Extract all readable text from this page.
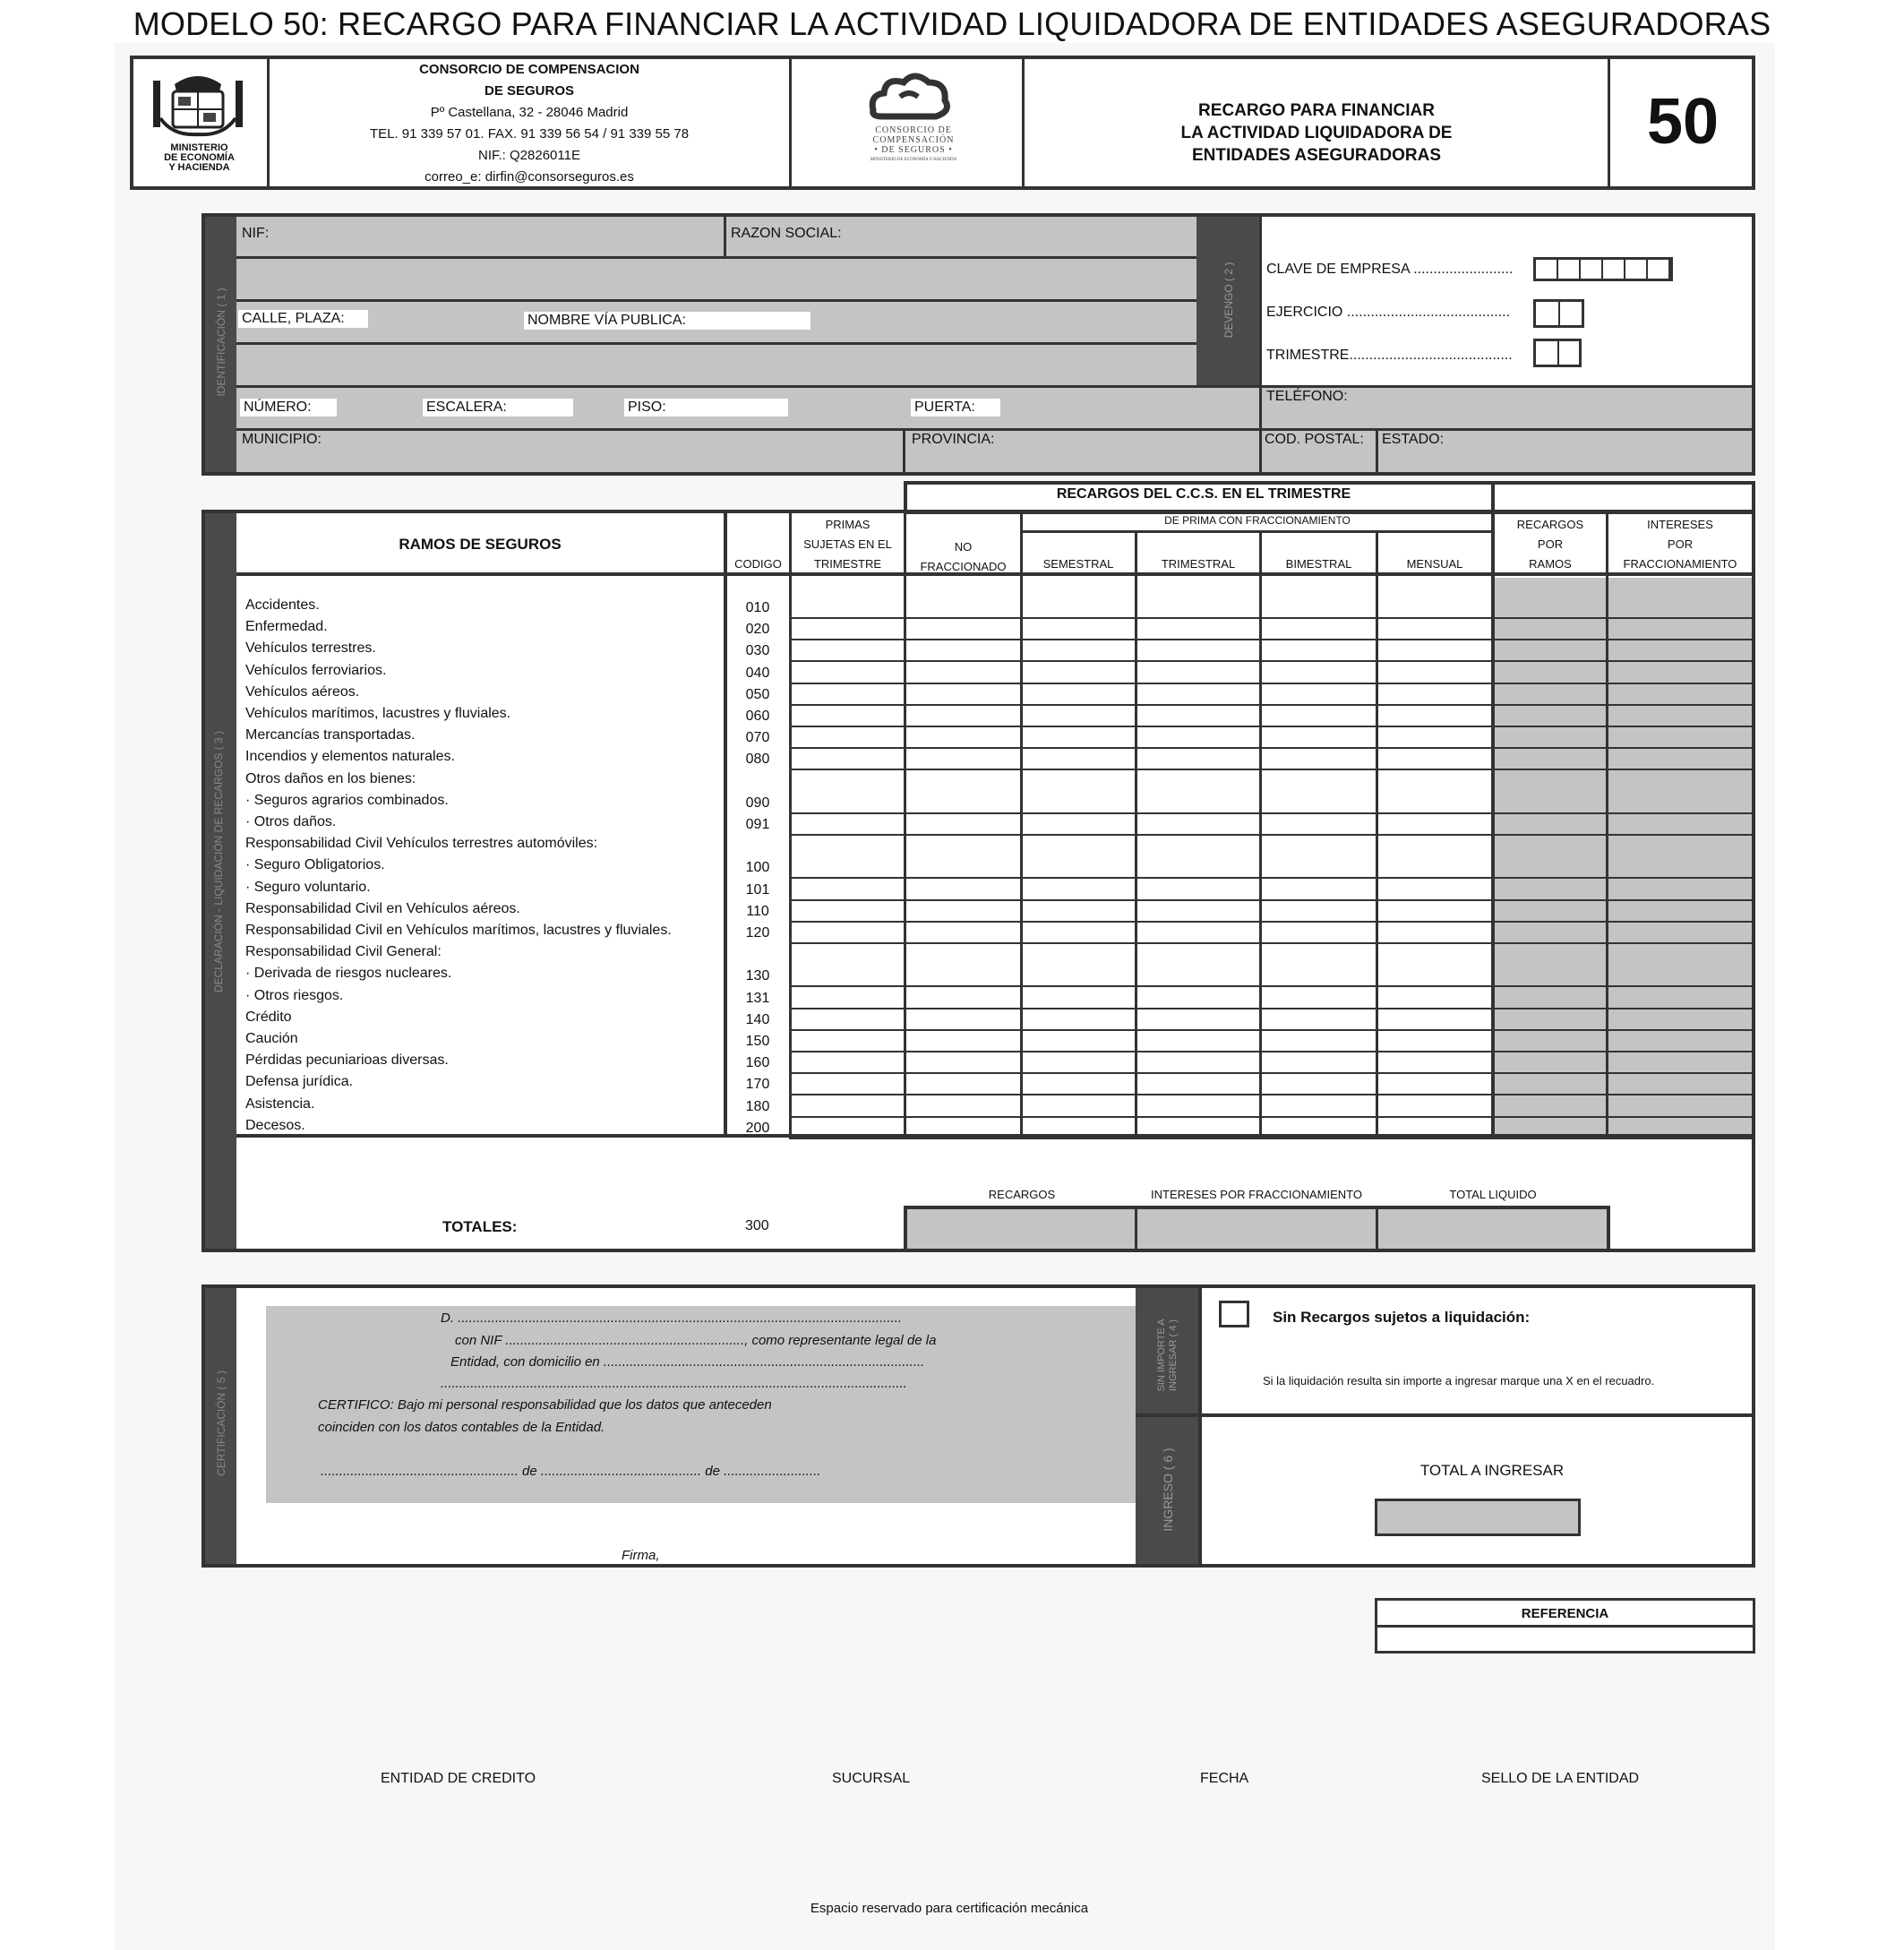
MODELO 50: RECARGO PARA FINANCIAR LA ACTIVIDAD LIQUIDADORA DE ENTIDADES ASEGURADORAS
MINISTERIO
DE ECONOMÍA
Y HACIENDA
CONSORCIO DE COMPENSACION
DE SEGUROS
Pº Castellana, 32 - 28046 Madrid
TEL. 91 339 57 01. FAX. 91 339 56 54 / 91 339 55 78
NIF.: Q2826011E
correo_e: dirfin@consorseguros.es
CONSORCIO DE
COMPENSACIÓN
• DE SEGUROS •
MINISTERIO DE ECONOMÍA Y HACIENDA
RECARGO PARA FINANCIAR
LA ACTIVIDAD LIQUIDADORA DE
ENTIDADES ASEGURADORAS	50
IDENTIFICACIÓN ( 1 )
NIF:	RAZON SOCIAL:
CALLE, PLAZA:	NOMBRE VÍA PUBLICA:
NÚMERO:	ESCALERA:	PISO:	PUERTA:
TELÉFONO:
MUNICIPIO:	PROVINCIA:	COD. POSTAL: ESTADO:
DEVENGO ( 2 ) CLAVE DE EMPRESA .........................
EJERCICIO .........................................
TRIMESTRE.........................................
RECARGOS DEL C.C.S. EN EL TRIMESTRE
DECLARACIÓN - LIQUIDACIÓN DE RECARGOS ( 3 )
RAMOS DE SEGUROS
CODIGO
PRIMAS
SUJETAS EN EL
TRIMESTRE
NO
FRACCIONADO
DE PRIMA CON FRACCIONAMIENTO
SEMESTRAL	TRIMESTRAL	BIMESTRAL	MENSUAL
RECARGOS
POR
RAMOS
INTERESES
POR
FRACCIONAMIENTO
Accidentes.	010
Enfermedad.	020
Vehículos terrestres.	030
Vehículos ferroviarios.	040
Vehículos aéreos.	050
Vehículos marítimos, lacustres y fluviales.	060
Mercancías transportadas.	070
Incendios y elementos naturales.	080
Otros daños en los bienes:
· Seguros agrarios combinados.	090
· Otros daños.	091
Responsabilidad Civil Vehículos terrestres automóviles:
· Seguro Obligatorios.	100
· Seguro voluntario.	101
Responsabilidad Civil en Vehículos aéreos.	110
Responsabilidad Civil en Vehículos marítimos, lacustres y fluviales.	120
Responsabilidad Civil General:
· Derivada de riesgos nucleares.	130
· Otros riesgos.	131
Crédito	140
Caución	150
Pérdidas pecuniarioas diversas.	160
Defensa jurídica.	170
Asistencia.	180
Decesos.	200
RECARGOS	INTERESES POR FRACCIONAMIENTO	TOTAL LIQUIDO
TOTALES:	300
CERTIFICACIÓN ( 5 )
D. .......................................................................................................................
con NIF ................................................................, como representante legal de la
Entidad, con domicilio en ......................................................................................
.............................................................................................................................
CERTIFICO: Bajo mi personal responsabilidad que los datos que anteceden
coinciden con los datos contables de la Entidad.
..................................................... de ........................................... de ..........................
Firma,
SIN IMPORTE A INGRESAR ( 4 )
INGRESO ( 6 )
Sin Recargos sujetos a liquidación:
Si la liquidación resulta sin importe a ingresar marque una X en el recuadro.
TOTAL A INGRESAR
REFERENCIA
ENTIDAD DE CREDITO	SUCURSAL	FECHA	SELLO DE LA ENTIDAD
Espacio reservado para certificación mecánica
